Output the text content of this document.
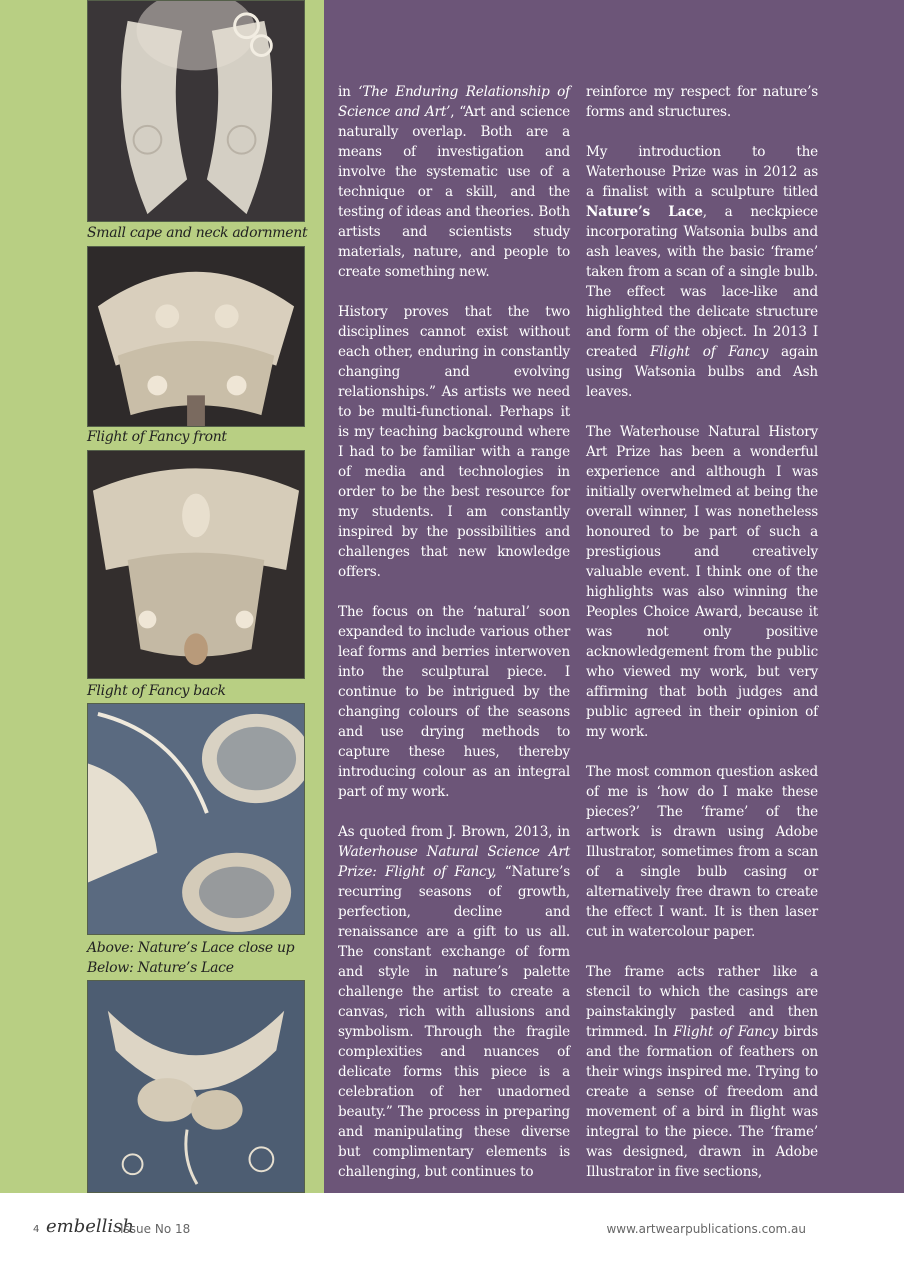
Small cape and neck adornment
Flight of Fancy front
Flight of Fancy back
Above: Nature’s Lace close up
Below: Nature’s Lace

in ‘The Enduring Relationship of Science and Art’, “Art and science naturally overlap. Both are a means of investigation and involve the systematic use of a technique or a skill, and the testing of ideas and theories. Both artists and scientists study materials, nature, and people to create something new.

History proves that the two disciplines cannot exist without each other, enduring in constantly changing and evolving relationships.” As artists we need to be multi-functional. Perhaps it is my teaching background where I had to be familiar with a range of media and technologies in order to be the best resource for my students. I am constantly inspired by the possibilities and challenges that new knowledge offers.

The focus on the ‘natural’ soon expanded to include various other leaf forms and berries interwoven into the sculptural piece. I continue to be intrigued by the changing colours of the seasons and use drying methods to capture these hues, thereby introducing colour as an integral part of my work.

As quoted from J. Brown, 2013, in Waterhouse Natural Science Art Prize: Flight of Fancy, “Nature’s recurring seasons of growth, perfection, decline and renaissance are a gift to us all. The constant exchange of form and style in nature’s palette challenge the artist to create a canvas, rich with allusions and symbolism. Through the fragile complexities and nuances of delicate forms this piece is a celebration of her unadorned beauty.” The process in preparing and manipulating these diverse but complimentary elements is challenging, but continues to

reinforce my respect for nature’s forms and structures.

My introduction to the Waterhouse Prize was in 2012 as a finalist with a sculpture titled Nature’s Lace, a neckpiece incorporating Watsonia bulbs and ash leaves, with the basic ‘frame’ taken from a scan of a single bulb. The effect was lace-like and highlighted the delicate structure and form of the object. In 2013 I created Flight of Fancy again using Watsonia bulbs and Ash leaves.

The Waterhouse Natural History Art Prize has been a wonderful experience and although I was initially overwhelmed at being the overall winner, I was nonetheless honoured to be part of such a prestigious and creatively valuable event. I think one of the highlights was also winning the Peoples Choice Award, because it was not only positive acknowledgement from the public who viewed my work, but very affirming that both judges and public agreed in their opinion of my work.

The most common question asked of me is ‘how do I make these pieces?’ The ‘frame’ of the artwork is drawn using Adobe Illustrator, sometimes from a scan of a single bulb casing or alternatively free drawn to create the effect I want. It is then laser cut in watercolour paper.

The frame acts rather like a stencil to which the casings are painstakingly pasted and then trimmed. In Flight of Fancy birds and the formation of feathers on their wings inspired me. Trying to create a sense of freedom and movement of a bird in flight was integral to the piece. The ‘frame’ was designed, drawn in Adobe Illustrator in five sections,

4 embellish
Issue No 18	www.artwearpublications.com.au
